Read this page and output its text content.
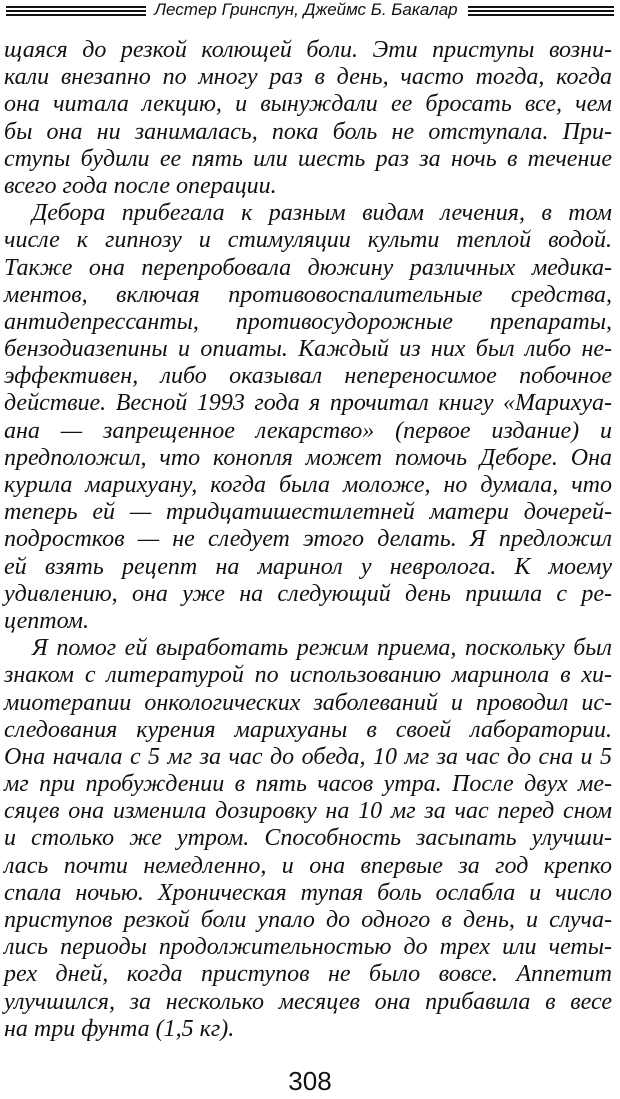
Лестер Гринспун, Джеймс Б. Бакалар
щаяся до резкой колющей боли. Эти приступы возни-
кали внезапно по многу раз в день, часто тогда, когда
она читала лекцию, и вынуждали ее бросать все, чем
бы она ни занималась, пока боль не отступала. При-
ступы будили ее пять или шесть раз за ночь в течение
всего года после операции.
Дебора прибегала к разным видам лечения, в том
числе к гипнозу и стимуляции культи теплой водой.
Также она перепробовала дюжину различных медика-
ментов, включая противовоспалительные средства,
антидепрессанты, противосудорожные препараты,
бензодиазепины и опиаты. Каждый из них был либо не-
эффективен, либо оказывал непереносимое побочное
действие. Весной 1993 года я прочитал книгу «Марихуа-
ана — запрещенное лекарство» (первое издание) и
предположил, что конопля может помочь Деборе. Она
курила марихуану, когда была моложе, но думала, что
теперь ей — тридцатишестилетней матери дочерей-
подростков — не следует этого делать. Я предложил
ей взять рецепт на маринол у невролога. К моему
удивлению, она уже на следующий день пришла с ре-
цептом.
Я помог ей выработать режим приема, поскольку был
знаком с литературой по использованию маринола в хи-
миотерапии онкологических заболеваний и проводил ис-
следования курения марихуаны в своей лаборатории.
Она начала с 5 мг за час до обеда, 10 мг за час до сна и 5
мг при пробуждении в пять часов утра. После двух ме-
сяцев она изменила дозировку на 10 мг за час перед сном
и столько же утром. Способность засыпать улучши-
лась почти немедленно, и она впервые за год крепко
спала ночью. Хроническая тупая боль ослабла и число
приступов резкой боли упало до одного в день, и случа-
лись периоды продолжительностью до трех или четы-
рех дней, когда приступов не было вовсе. Аппетит
улучшился, за несколько месяцев она прибавила в весе
на три фунта (1,5 кг).
308
